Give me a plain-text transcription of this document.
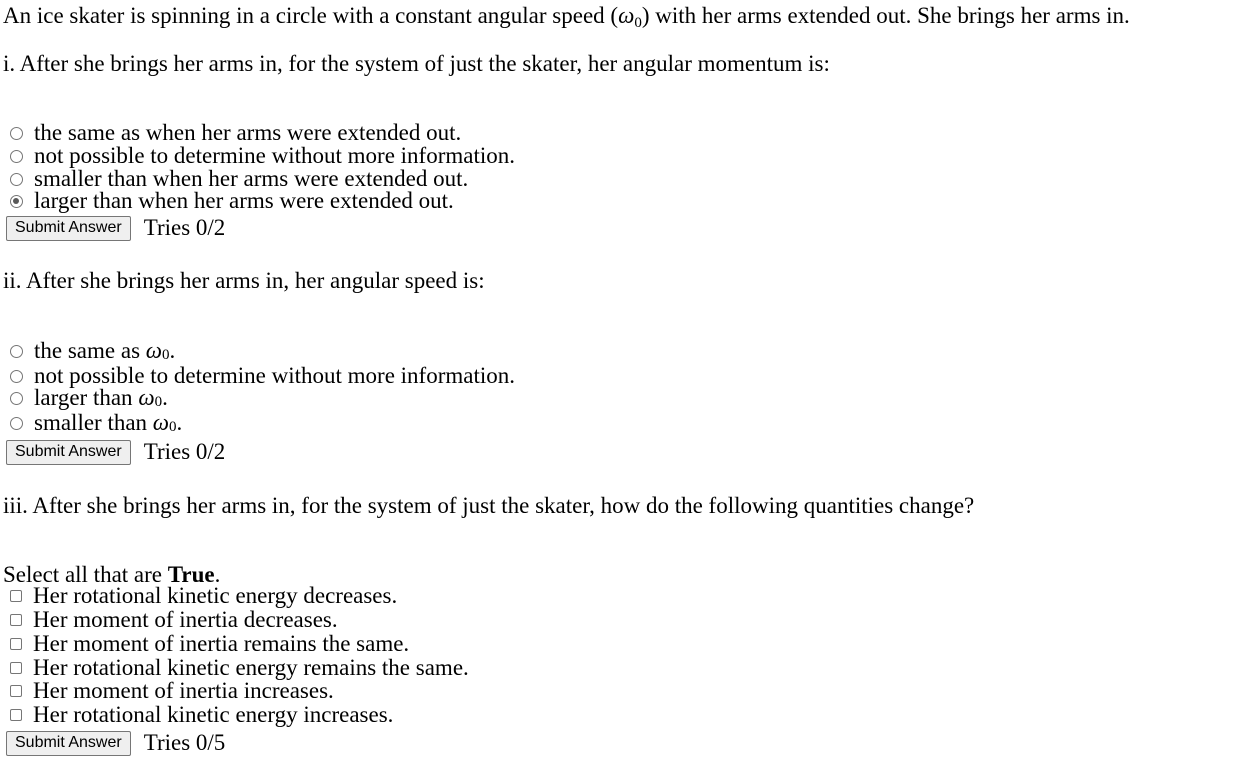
An ice skater is spinning in a circle with a constant angular speed (ω0) with her arms extended out. She brings her arms in.
i. After she brings her arms in, for the system of just the skater, her angular momentum is:
the same as when her arms were extended out.
not possible to determine without more information.
smaller than when her arms were extended out.
larger than when her arms were extended out.
Submit Answer Tries 0/2
ii. After she brings her arms in, her angular speed is:
the same as
ω 0 .
not possible to determine without more information.
larger than
ω 0 .
smaller than
ω 0 .
Submit Answer Tries 0/2
iii. After she brings her arms in, for the system of just the skater, how do the following quantities change?
Select all that are True.
Her rotational kinetic energy decreases.
Her moment of inertia decreases.
Her moment of inertia remains the same.
Her rotational kinetic energy remains the same.
Her moment of inertia increases.
Her rotational kinetic energy increases.
Submit Answer Tries 0/5
